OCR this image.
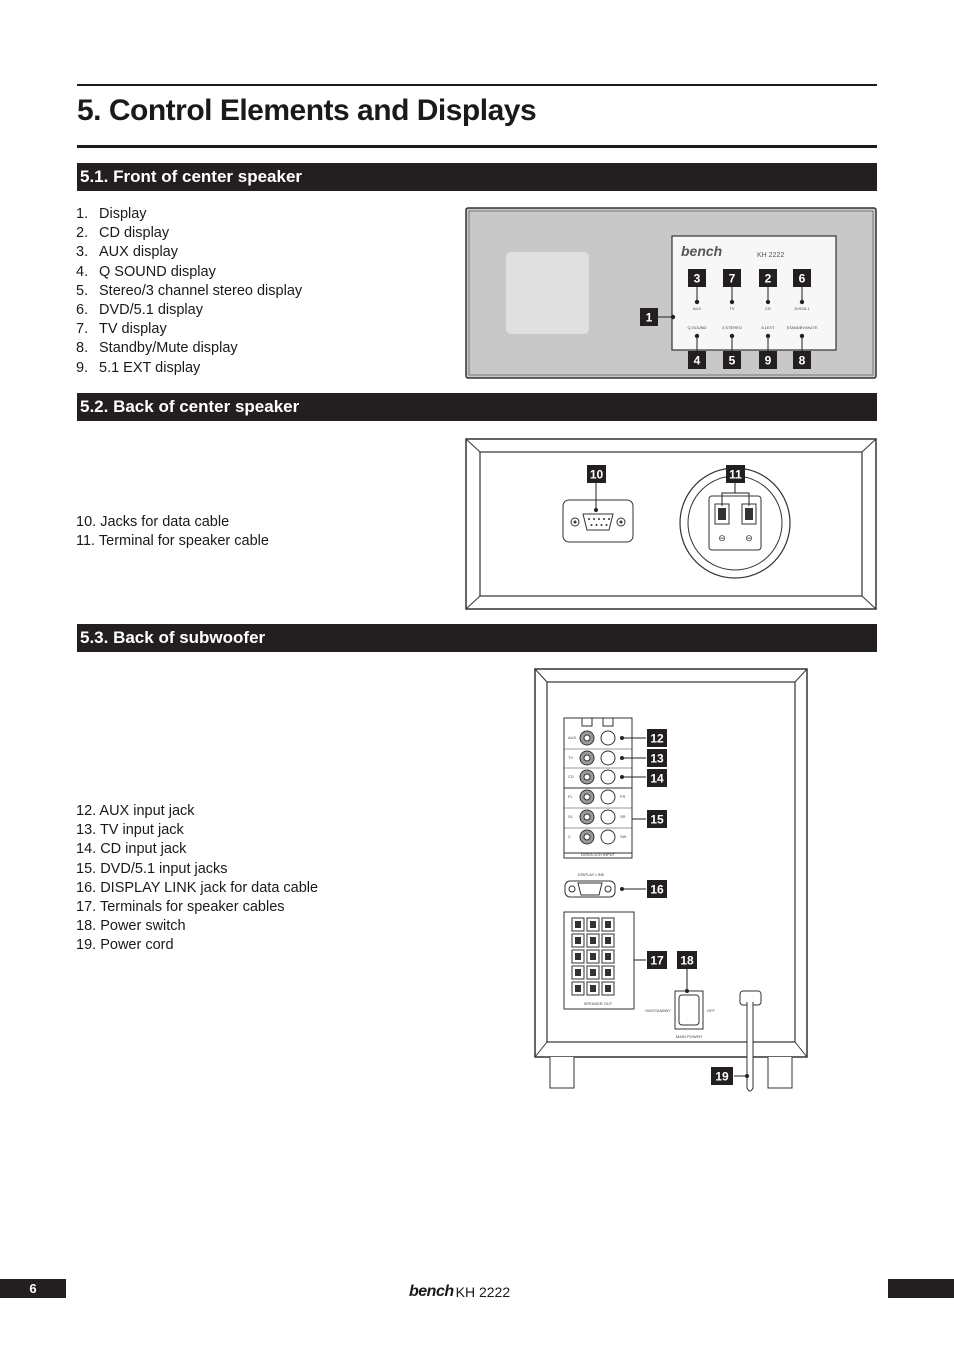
5. Control Elements and Displays
5.1. Front of center speaker
1. Display
2. CD display
3. AUX display
4. Q SOUND display
5. Stereo/3 channel stereo display
6. DVD/5.1 display
7. TV display
8. Standby/Mute display
9. 5.1 EXT display
bench	KH 2222
AUX	TV	CD	DVD/5.1
Q-SOUND	3 STEREO	5.1EXT	STANDBY/MUTE
3 7 2 6
1
4 5 9 8
5.2. Back of center speaker
10. Jacks for data cable
11. Terminal for speaker cable
10
⊖ ⊖
11
5.3. Back of subwoofer
12. AUX input jack
13. TV input jack
14. CD input jack
15. DVD/5.1 input jacks
16. DISPLAY LINK jack for data cable
17. Terminals for speaker cables
18. Power switch
19. Power cord
AUX
TV
CD
FL	FR
SL	SR
C	SW
DVD/5.1CH INPUT
12
13
14
15
DISPLAY LINK
16
SPEAKER OUT
17
ON/STANDBY	OFF
MAIN POWER
18
19
6	bench KH 2222
